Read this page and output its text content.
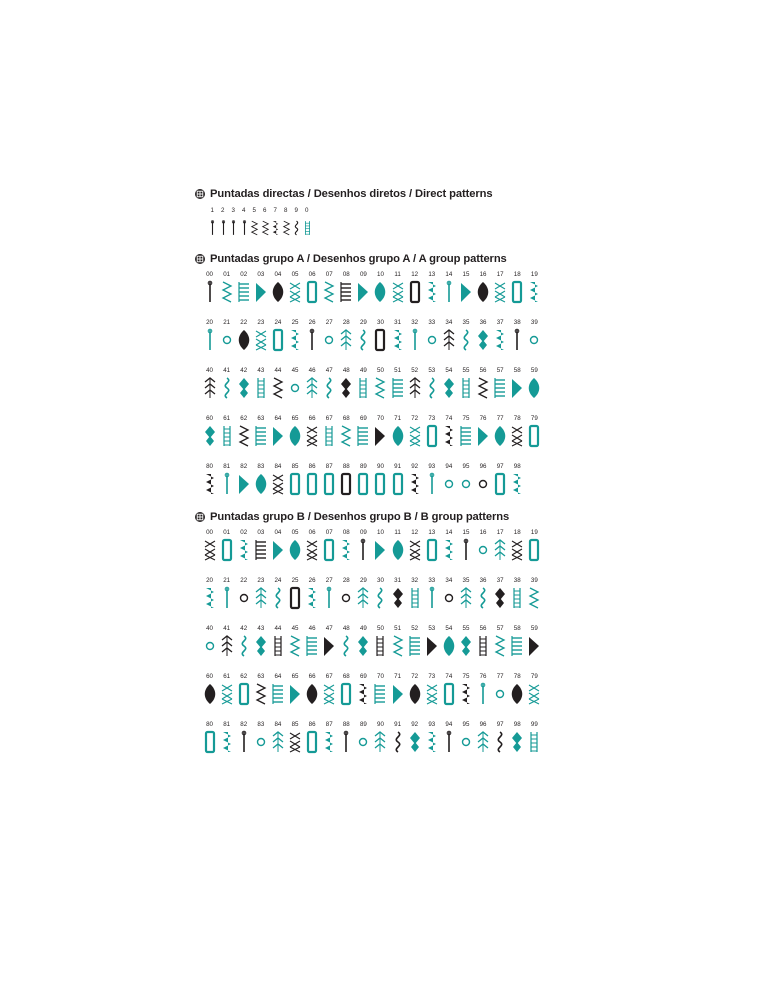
Puntadas directas / Desenhos diretos / Direct patterns
1	2	3	4	5	6	7	8	9	0
Puntadas grupo A / Desenhos grupo A / A group patterns
00	01	02	03	04	05	06	07	08	09	10	11	12	13	14	15	16	17	18	19
20	21	22	23	24	25	26	27	28	29	30	31	32	33	34	35	36	37	38	39
40	41	42	43	44	45	46	47	48	49	50	51	52	53	54	55	56	57	58	59
60	61	62	63	64	65	66	67	68	69	70	71	72	73	74	75	76	77	78	79
80	81	82	83	84	85	86	87	88	89	90	91	92	93	94	95	96	97	98
Puntadas grupo B / Desenhos grupo B / B group patterns
00	01	02	03	04	05	06	07	08	09	10	11	12	13	14	15	16	17	18	19
20	21	22	23	24	25	26	27	28	29	30	31	32	33	34	35	36	37	38	39
40	41	42	43	44	45	46	47	48	49	50	51	52	53	54	55	56	57	58	59
60	61	62	63	64	65	66	67	68	69	70	71	72	73	74	75	76	77	78	79
80	81	82	83	84	85	86	87	88	89	90	91	92	93	94	95	96	97	98	99
